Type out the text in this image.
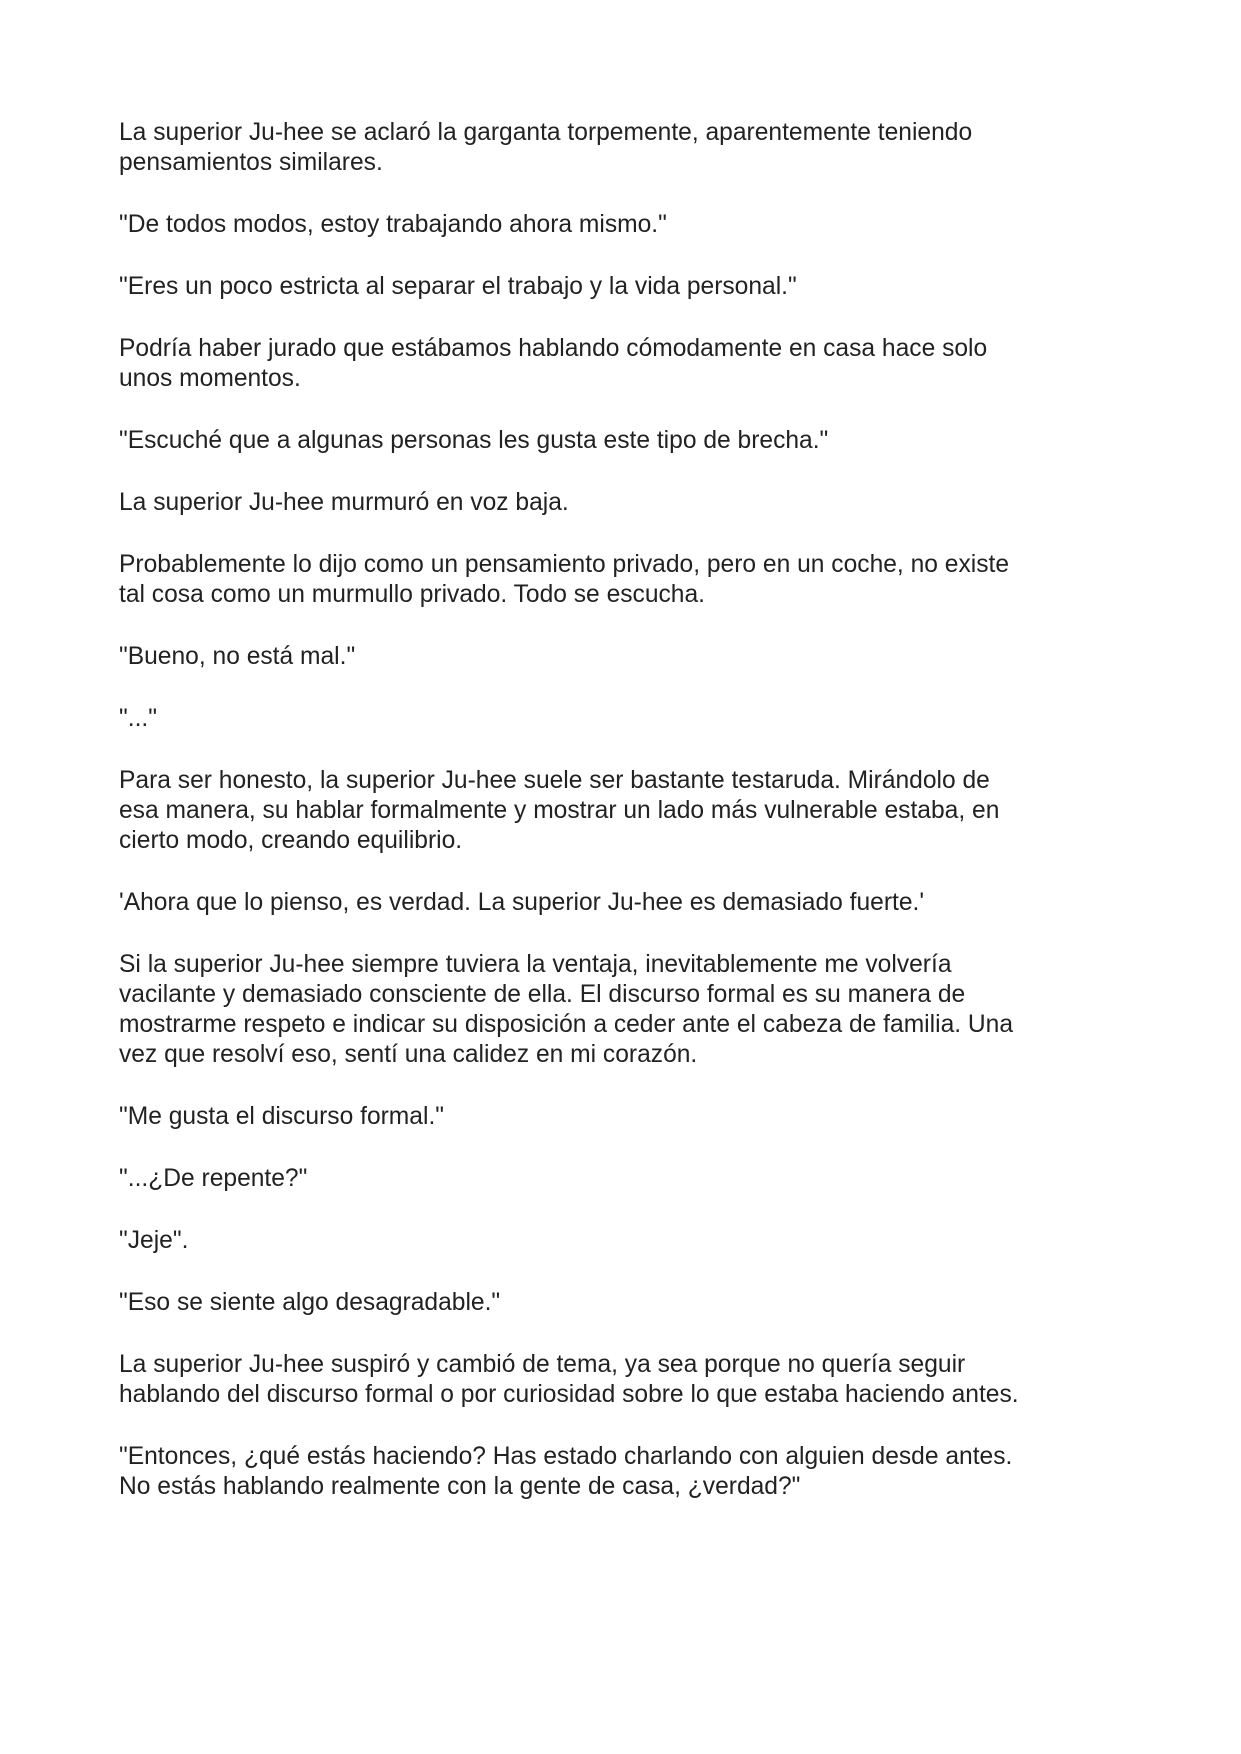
La superior Ju-hee se aclaró la garganta torpemente, aparentemente teniendo
pensamientos similares.

"De todos modos, estoy trabajando ahora mismo."

"Eres un poco estricta al separar el trabajo y la vida personal."

Podría haber jurado que estábamos hablando cómodamente en casa hace solo
unos momentos.

"Escuché que a algunas personas les gusta este tipo de brecha."

La superior Ju-hee murmuró en voz baja.

Probablemente lo dijo como un pensamiento privado, pero en un coche, no existe
tal cosa como un murmullo privado. Todo se escucha.

"Bueno, no está mal."

"..."

Para ser honesto, la superior Ju-hee suele ser bastante testaruda. Mirándolo de
esa manera, su hablar formalmente y mostrar un lado más vulnerable estaba, en
cierto modo, creando equilibrio.

'Ahora que lo pienso, es verdad. La superior Ju-hee es demasiado fuerte.'

Si la superior Ju-hee siempre tuviera la ventaja, inevitablemente me volvería
vacilante y demasiado consciente de ella. El discurso formal es su manera de
mostrarme respeto e indicar su disposición a ceder ante el cabeza de familia. Una
vez que resolví eso, sentí una calidez en mi corazón.

"Me gusta el discurso formal."

"...¿De repente?"

"Jeje".

"Eso se siente algo desagradable."

La superior Ju-hee suspiró y cambió de tema, ya sea porque no quería seguir
hablando del discurso formal o por curiosidad sobre lo que estaba haciendo antes.

"Entonces, ¿qué estás haciendo? Has estado charlando con alguien desde antes.
No estás hablando realmente con la gente de casa, ¿verdad?"
